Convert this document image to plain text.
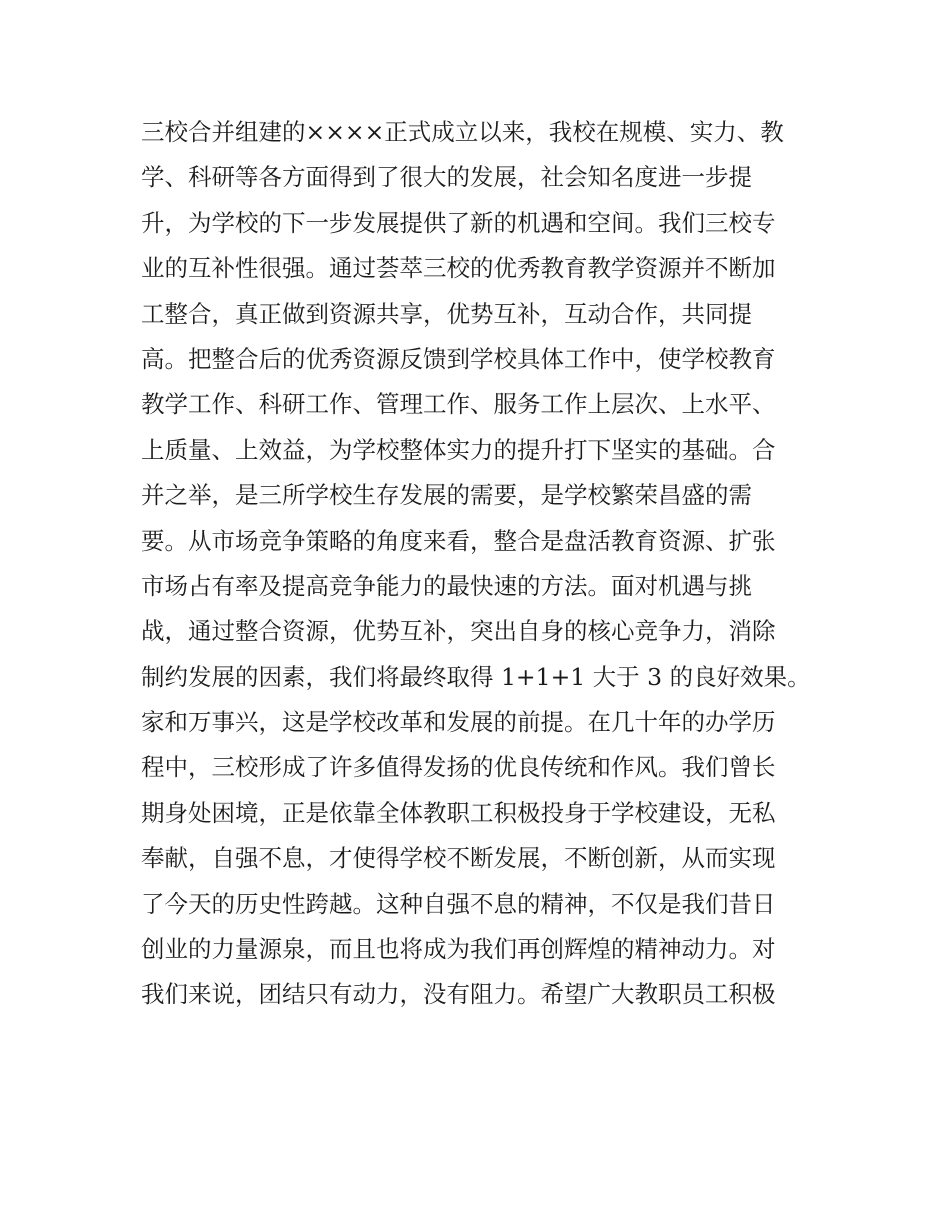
三校合并组建的××××正式成立以来，我校在规模、实力、教
学、科研等各方面得到了很大的发展，社会知名度进一步提
升，为学校的下一步发展提供了新的机遇和空间。我们三校专
业的互补性很强。通过荟萃三校的优秀教育教学资源并不断加
工整合，真正做到资源共享，优势互补，互动合作，共同提
高。把整合后的优秀资源反馈到学校具体工作中，使学校教育
教学工作、科研工作、管理工作、服务工作上层次、上水平、
上质量、上效益，为学校整体实力的提升打下坚实的基础。合
并之举，是三所学校生存发展的需要，是学校繁荣昌盛的需
要。从市场竞争策略的角度来看，整合是盘活教育资源、扩张
市场占有率及提高竞争能力的最快速的方法。面对机遇与挑
战，通过整合资源，优势互补，突出自身的核心竞争力，消除
制约发展的因素，我们将最终取得 1+1+1 大于 3 的良好效果。
家和万事兴，这是学校改革和发展的前提。在几十年的办学历
程中，三校形成了许多值得发扬的优良传统和作风。我们曾长
期身处困境，正是依靠全体教职工积极投身于学校建设，无私
奉献，自强不息，才使得学校不断发展，不断创新，从而实现
了今天的历史性跨越。这种自强不息的精神，不仅是我们昔日
创业的力量源泉，而且也将成为我们再创辉煌的精神动力。对
我们来说，团结只有动力，没有阻力。希望广大教职员工积极
